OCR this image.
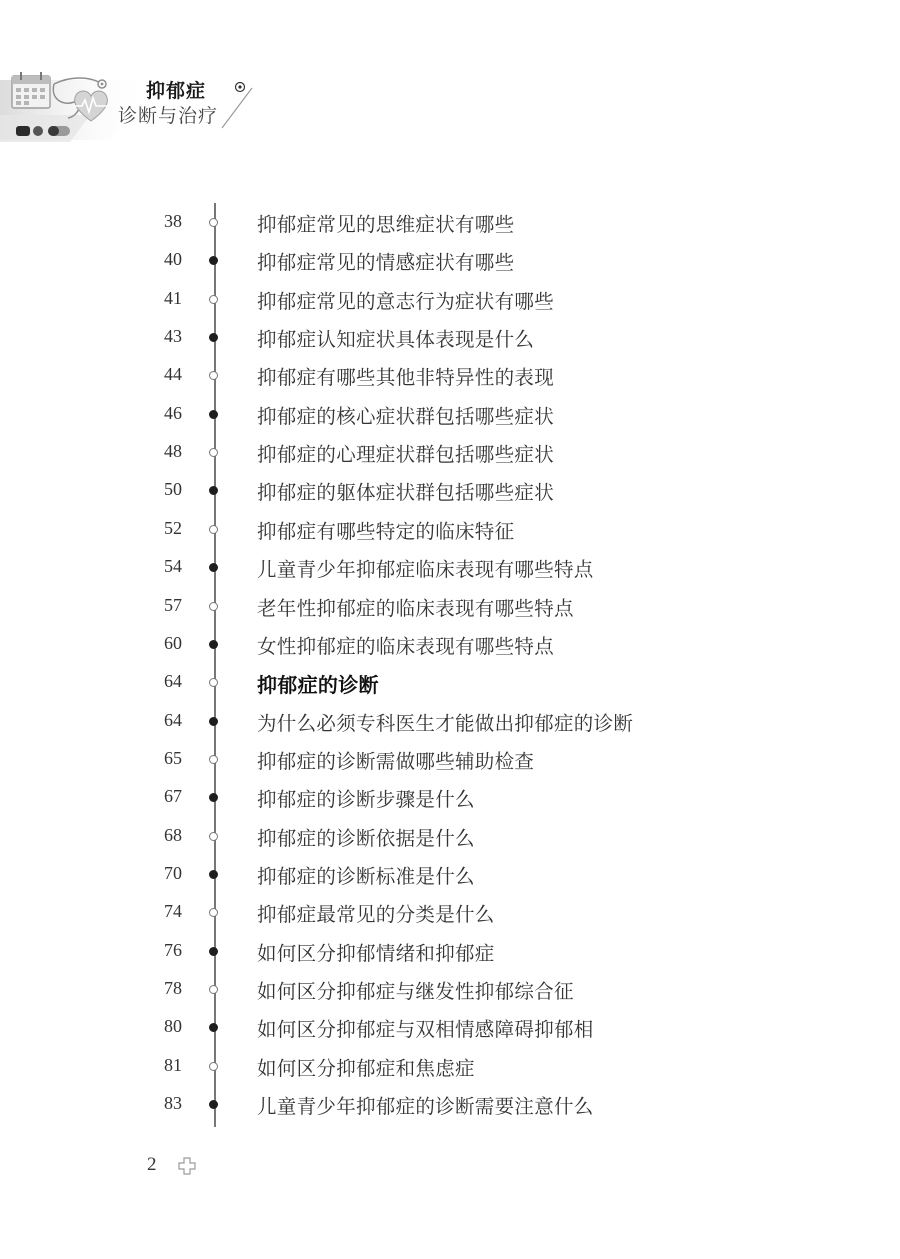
抑郁症
诊断与治疗
38	抑郁症常见的思维症状有哪些
40	抑郁症常见的情感症状有哪些
41	抑郁症常见的意志行为症状有哪些
43	抑郁症认知症状具体表现是什么
44	抑郁症有哪些其他非特异性的表现
46	抑郁症的核心症状群包括哪些症状
48	抑郁症的心理症状群包括哪些症状
50	抑郁症的躯体症状群包括哪些症状
52	抑郁症有哪些特定的临床特征
54	儿童青少年抑郁症临床表现有哪些特点
57	老年性抑郁症的临床表现有哪些特点
60	女性抑郁症的临床表现有哪些特点
64	抑郁症的诊断
64	为什么必须专科医生才能做出抑郁症的诊断
65	抑郁症的诊断需做哪些辅助检查
67	抑郁症的诊断步骤是什么
68	抑郁症的诊断依据是什么
70	抑郁症的诊断标准是什么
74	抑郁症最常见的分类是什么
76	如何区分抑郁情绪和抑郁症
78	如何区分抑郁症与继发性抑郁综合征
80	如何区分抑郁症与双相情感障碍抑郁相
81	如何区分抑郁症和焦虑症
83	儿童青少年抑郁症的诊断需要注意什么
2
